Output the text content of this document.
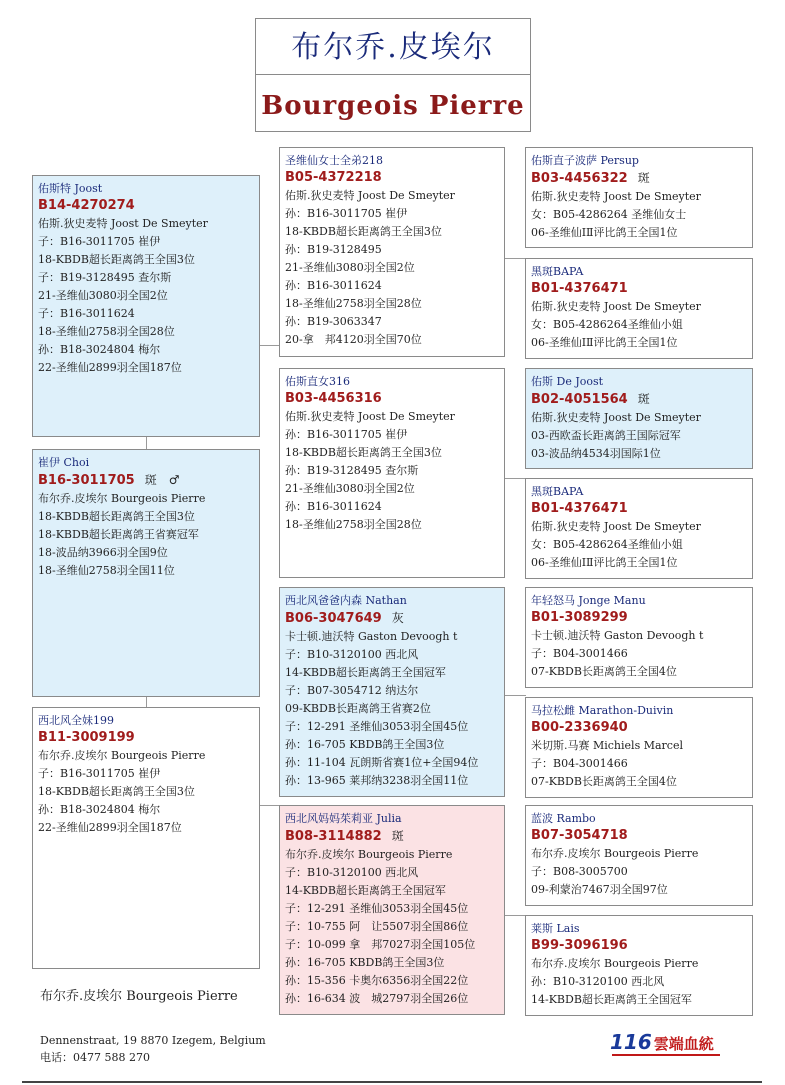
布尔乔.皮埃尔
Bourgeois Pierre
佑斯特 Joost
B14-4270274
佑斯.狄史麦特 Joost De Smeyter
子：B16-3011705 崔伊
18-KBDB超长距离鸽王全国3位
子：B19-3128495 查尔斯
21-圣维仙3080羽全国2位
子：B16-3011624
18-圣维仙2758羽全国28位
孙：B18-3024804 梅尔
22-圣维仙2899羽全国187位
崔伊 Choi
B16-3011705 斑　♂
布尔乔.皮埃尔 Bourgeois Pierre
18-KBDB超长距离鸽王全国3位
18-KBDB超长距离鸽王省赛冠军
18-波品纳3966羽全国9位
18-圣维仙2758羽全国11位
西北风全妹199
B11-3009199
布尔乔.皮埃尔 Bourgeois Pierre
子：B16-3011705 崔伊
18-KBDB超长距离鸽王全国3位
孙：B18-3024804 梅尔
22-圣维仙2899羽全国187位
圣维仙女士全弟218
B05-4372218
佑斯.狄史麦特 Joost De Smeyter
孙：B16-3011705 崔伊
18-KBDB超长距离鸽王全国3位
孙：B19-3128495
21-圣维仙3080羽全国2位
孙：B16-3011624
18-圣维仙2758羽全国28位
孙：B19-3063347
20-拿　邦4120羽全国70位
佑斯直女316
B03-4456316
佑斯.狄史麦特 Joost De Smeyter
孙：B16-3011705 崔伊
18-KBDB超长距离鸽王全国3位
孙：B19-3128495 查尔斯
21-圣维仙3080羽全国2位
孙：B16-3011624
18-圣维仙2758羽全国28位
西北风爸爸内森 Nathan
B06-3047649 灰
卡士顿.迪沃特 Gaston Devoogh t
子：B10-3120100 西北风
14-KBDB超长距离鸽王全国冠军
子：B07-3054712 纳达尔
09-KBDB长距离鸽王省赛2位
子：12-291 圣维仙3053羽全国45位
孙：16-705 KBDB鸽王全国3位
孙：11-104 瓦朗斯省赛1位+全国94位
孙：13-965 莱邦纳3238羽全国11位
西北风妈妈茱莉亚 Julia
B08-3114882 斑
布尔乔.皮埃尔 Bourgeois Pierre
子：B10-3120100 西北风
14-KBDB超长距离鸽王全国冠军
子：12-291 圣维仙3053羽全国45位
子：10-755 阿　让5507羽全国86位
子：10-099 拿　邦7027羽全国105位
孙：16-705 KBDB鸽王全国3位
孙：15-356 卡奥尔6356羽全国22位
孙：16-634 波　城2797羽全国26位
佑斯直子波萨 Persup
B03-4456322 斑
佑斯.狄史麦特 Joost De Smeyter
女：B05-4286264 圣维仙女士
06-圣维仙ⅠⅡ评比鸽王全国1位
黑斑BAPA
B01-4376471
佑斯.狄史麦特 Joost De Smeyter
女：B05-4286264圣维仙小姐
06-圣维仙ⅠⅡ评比鸽王全国1位
佑斯 De Joost
B02-4051564 斑
佑斯.狄史麦特 Joost De Smeyter
03-西欧盃长距离鸽王国际冠军
03-波品纳4534羽国际1位
黑斑BAPA
B01-4376471
佑斯.狄史麦特 Joost De Smeyter
女：B05-4286264圣维仙小姐
06-圣维仙ⅠⅡ评比鸽王全国1位
年轻怒马 Jonge Manu
B01-3089299
卡士顿.迪沃特 Gaston Devoogh t
子：B04-3001466
07-KBDB长距离鸽王全国4位
马拉松雌 Marathon-Duivin
B00-2336940
米切斯.马赛 Michiels Marcel
子：B04-3001466
07-KBDB长距离鸽王全国4位
蓝波 Rambo
B07-3054718
布尔乔.皮埃尔 Bourgeois Pierre
子：B08-3005700
09-利蒙治7467羽全国97位
莱斯 Lais
B99-3096196
布尔乔.皮埃尔 Bourgeois Pierre
孙：B10-3120100 西北风
14-KBDB超长距离鸽王全国冠军
布尔乔.皮埃尔 Bourgeois Pierre
Dennenstraat, 19 8870 Izegem, Belgium
电话：0477 588 270
116 雲端血統
